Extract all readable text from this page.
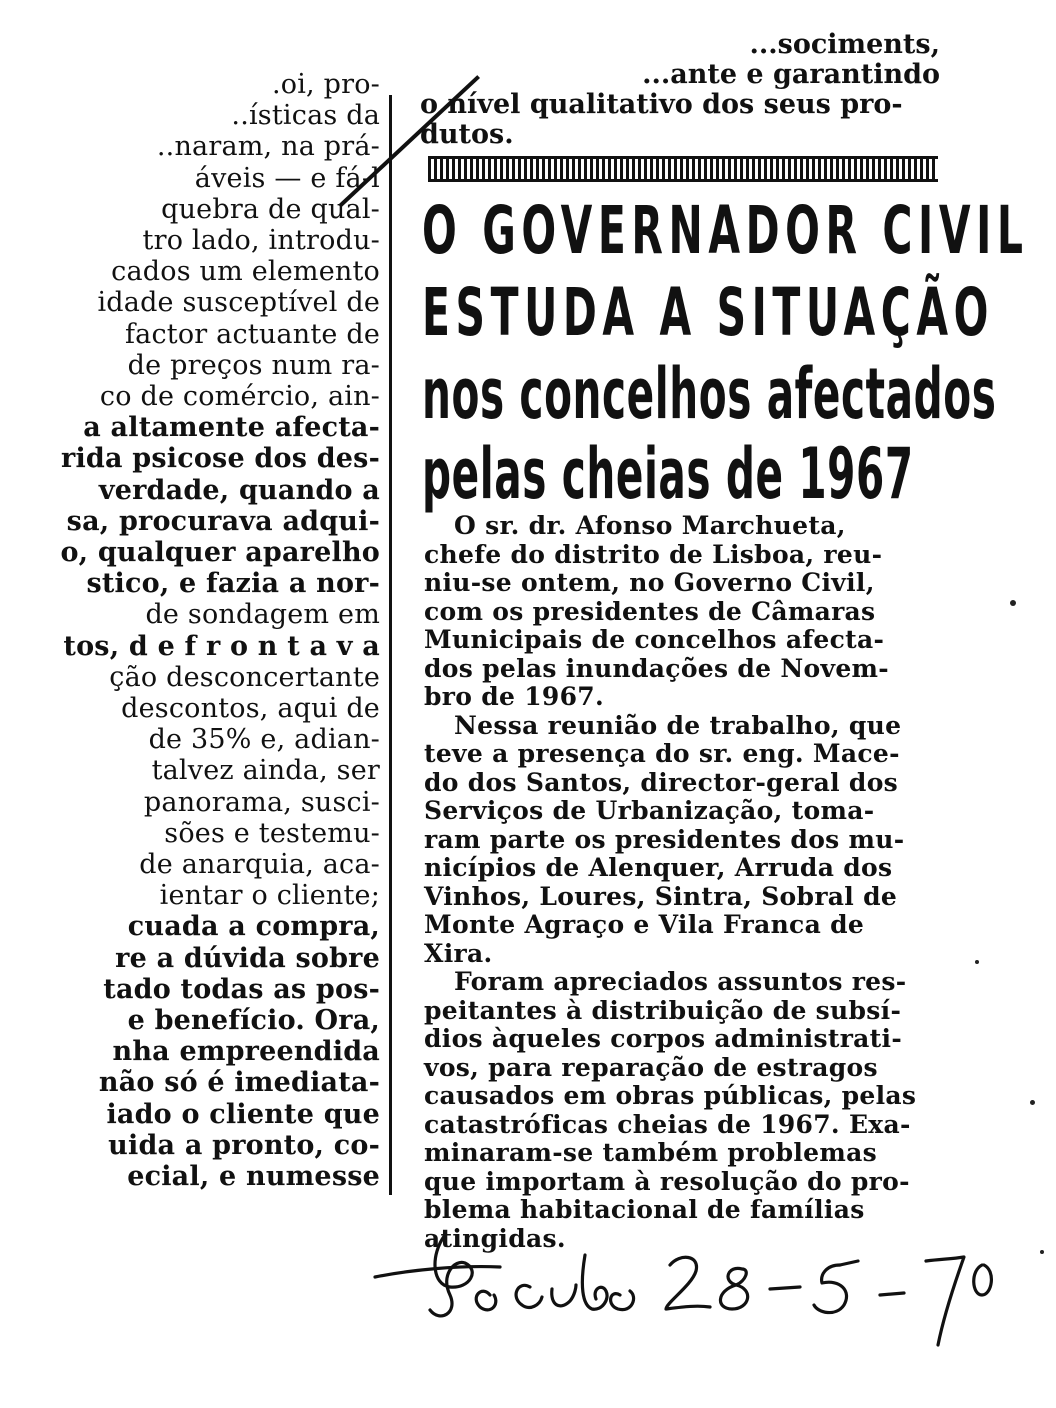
.oi, pro-
..ísticas da
..naram, na prá-
áveis — e fá-l
quebra de qual-
tro lado, introdu-
cados um elemento
idade susceptível de
factor actuante de
de preços num ra-
co de comércio, ain-
a altamente afecta-
rida psicose dos des-
verdade, quando a
sa, procurava adqui-
o, qualquer aparelho
stico, e fazia a nor-
de sondagem em
tos, d e f r o n t a v a
ção desconcertante
descontos, aqui de
de 35% e, adian-
talvez ainda, ser
panorama, susci-
sões e testemu-
de anarquia, aca-
ientar o cliente;
cuada a compra,
re a dúvida sobre
tado todas as pos-
e benefício. Ora,
nha empreendida
não só é imediata-
iado o cliente que
uida a pronto, co-
ecial, e numesse
...sociments,
...ante e garantindo
o nível qualitativo dos seus pro-
dutos.
O GOVERNADOR CIVIL
ESTUDA A SITUAÇÃO
nos concelhos afectados
pelas cheias de 1967
O sr. dr. Afonso Marchueta,
chefe do distrito de Lisboa, reu-
niu-se ontem, no Governo Civil,
com os presidentes de Câmaras
Municipais de concelhos afecta-
dos pelas inundações de Novem-
bro de 1967.
Nessa reunião de trabalho, que
teve a presença do sr. eng. Mace-
do dos Santos, director-geral dos
Serviços de Urbanização, toma-
ram parte os presidentes dos mu-
nicípios de Alenquer, Arruda dos
Vinhos, Loures, Sintra, Sobral de
Monte Agraço e Vila Franca de
Xira.
Foram apreciados assuntos res-
peitantes à distribuição de subsí-
dios àqueles corpos administrati-
vos, para reparação de estragos
causados em obras públicas, pelas
catastróficas cheias de 1967. Exa-
minaram-se também problemas
que importam à resolução do pro-
blema habitacional de famílias
atingidas.
